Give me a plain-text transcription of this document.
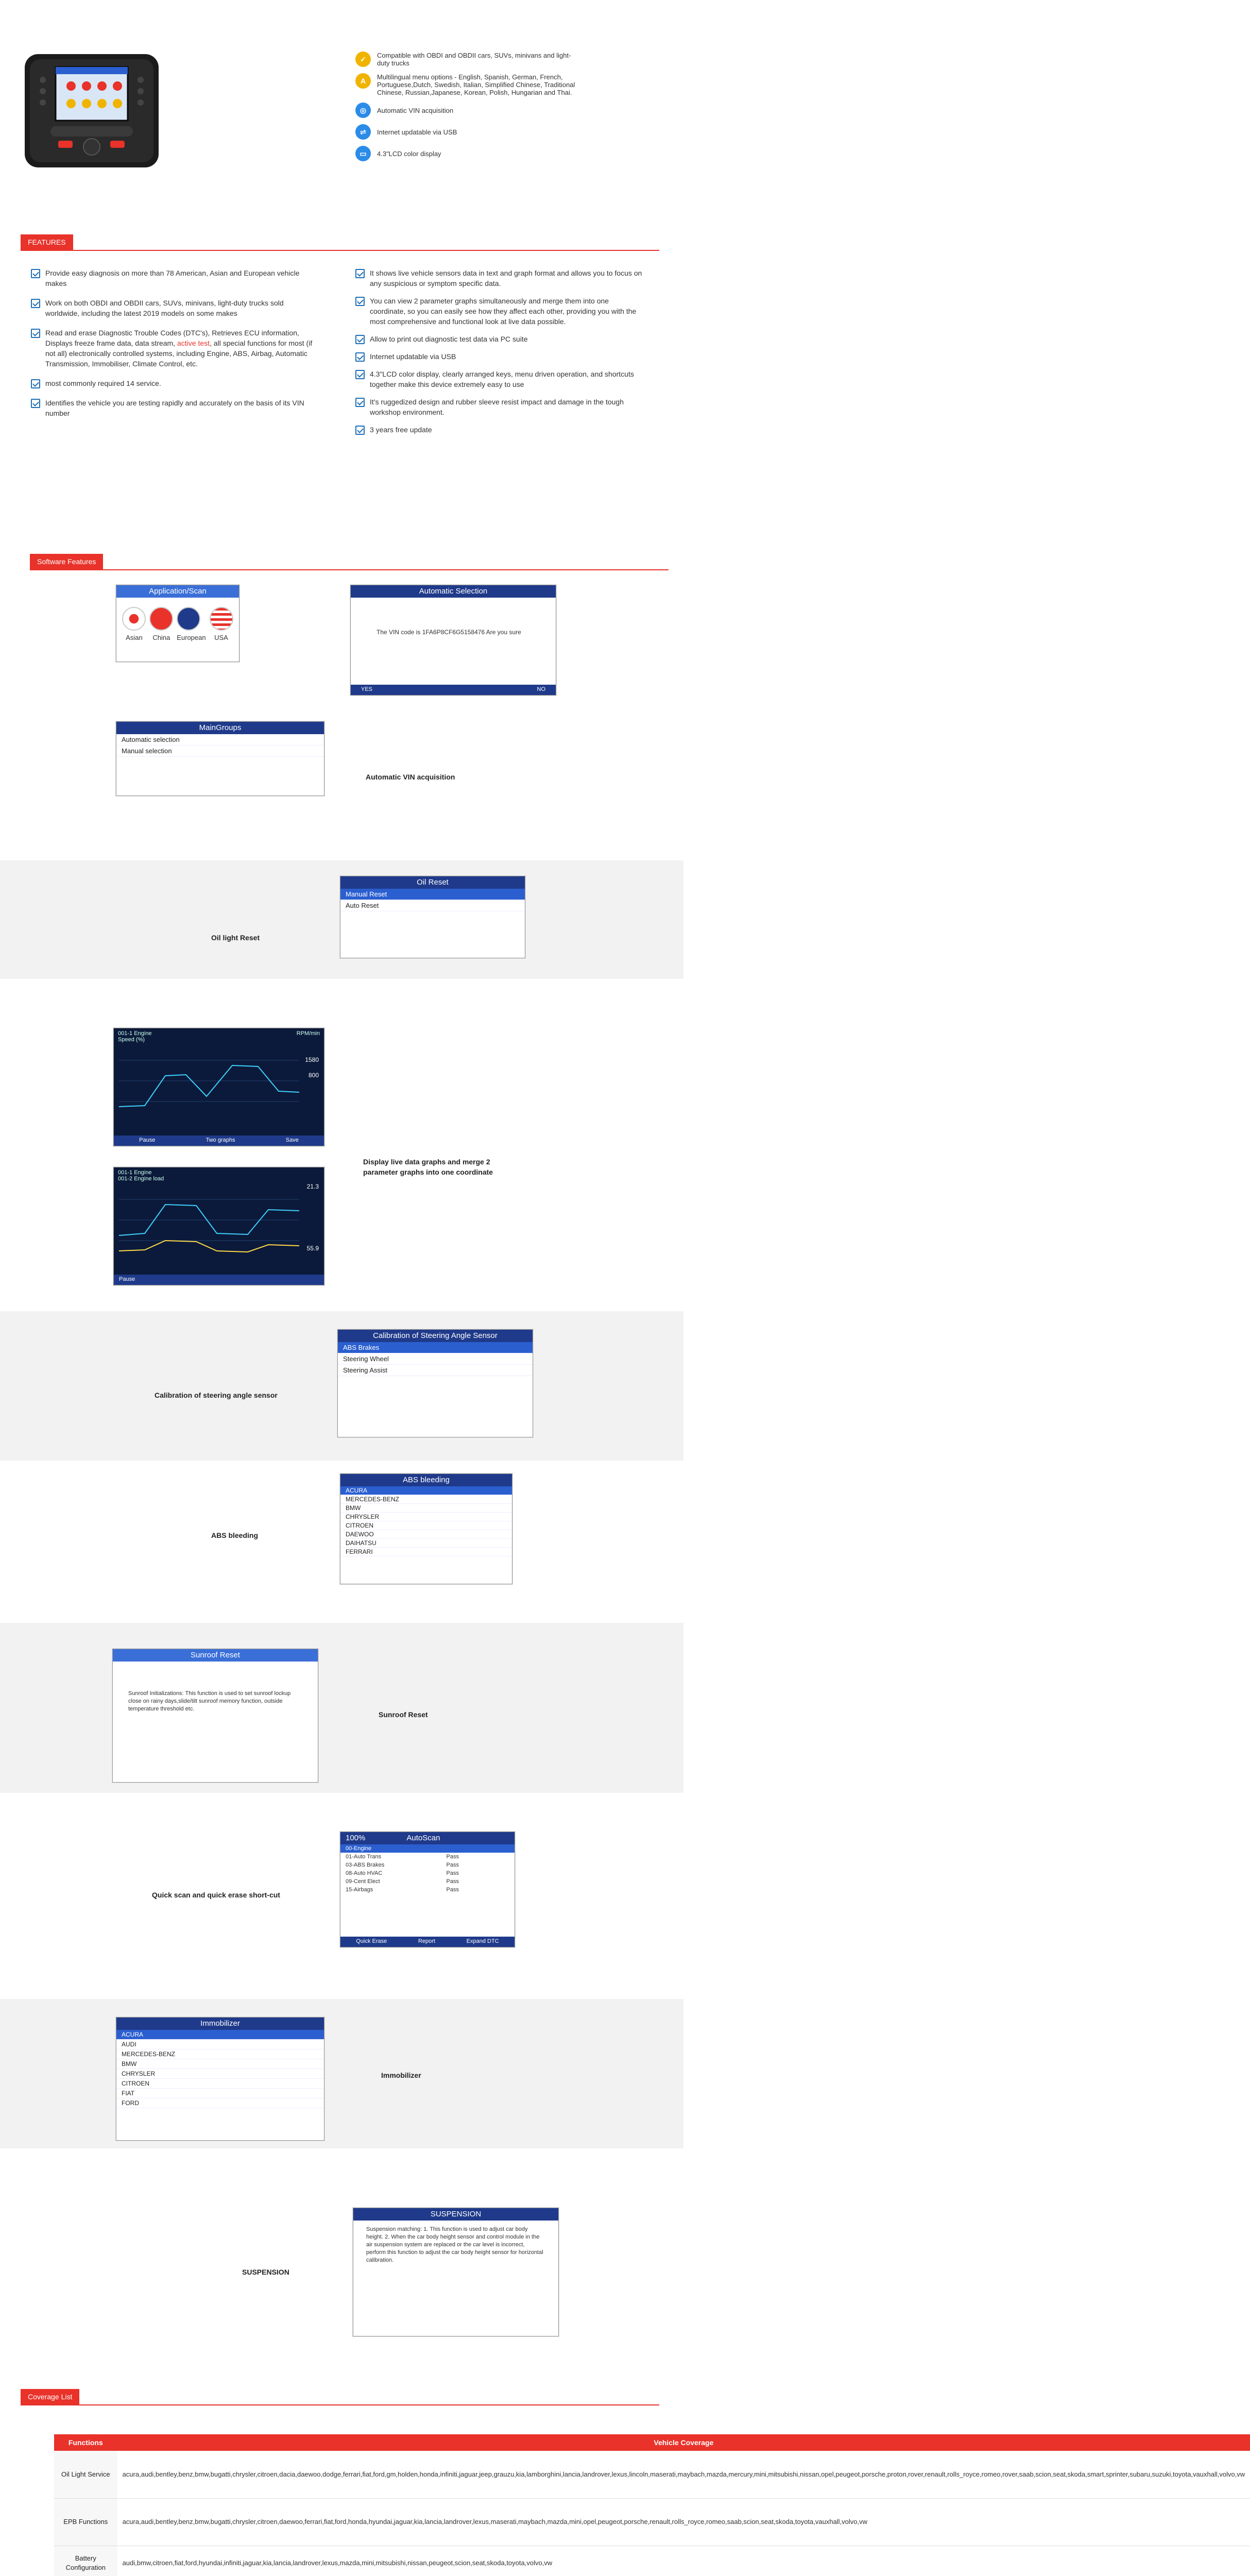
✓	Compatible with OBDI and OBDII cars, SUVs, minivans and light-duty trucks
A	Multilingual menu options - English, Spanish, German, French, Portuguese,Dutch, Swedish, Italian, Simplified Chinese, Traditional Chinese, Russian,Japanese, Korean, Polish, Hungarian and Thai.
◎	Automatic VIN acquisition
⇌	Internet updatable via USB
▭	4.3"LCD color display
FEATURES
Provide easy diagnosis on more than 78 American, Asian and European vehicle makes
Work on both OBDI and OBDII cars, SUVs, minivans, light-duty trucks sold worldwide, including the latest 2019 models on some makes
Read and erase Diagnostic Trouble Codes (DTC's), Retrieves ECU information, Displays freeze frame data, data stream, active test, all special functions for most (if not all) electronically controlled systems, including Engine, ABS, Airbag, Automatic Transmission, Immobiliser, Climate Control, etc.
most commonly required 14 service.
Identifies the vehicle you are testing rapidly and accurately on the basis of its VIN number
It shows live vehicle sensors data in text and graph format and allows you to focus on any suspicious or symptom specific data.
You can view 2 parameter graphs simultaneously and merge them into one coordinate, so you can easily see how they affect each other, providing you with the most comprehensive and functional look at live data possible.
Allow to print out diagnostic test data via PC suite
Internet updatable via USB
4.3"LCD color display, clearly arranged keys, menu driven operation, and shortcuts together make this device extremely easy to use
It's ruggedized design and rubber sleeve resist impact and damage in the tough workshop environment.
3 years free update
Software Features
Application/Scan
Asian	China European	USA
Automatic Selection
The VIN code is 1FA6P8CF6G5158476 Are you sure
YES	NO
MainGroups
Automatic selection
Manual selection
Automatic VIN acquisition
Oil Reset
Manual Reset
Auto Reset
Oil light Reset
001-1 Engine
Speed (%)
RPM/min
1580
800
Pause	Two graphs	Save
001-1 Engine
001-2 Engine load
21.3
55.9
Pause
Display live data graphs and merge 2 parameter graphs into one coordinate
Calibration of Steering Angle Sensor
ABS Brakes
Steering Wheel
Steering Assist
Calibration of steering angle sensor
ABS bleeding
ACURA
MERCEDES-BENZ
BMW
CHRYSLER
CITROEN
DAEWOO
DAIHATSU
FERRARI
ABS bleeding
Sunroof Reset
Sunroof Initializations: This function is used to set sunroof lockup close on rainy days,slide/tilt sunroof memory function, outside temperature threshold etc.
Sunroof Reset
100%	AutoScan
00-Engine
01-Auto Trans	Pass
03-ABS Brakes	Pass
08-Auto HVAC	Pass
09-Cent Elect	Pass
15-Airbags	Pass
Quick Erase	Report	Expand DTC
Quick scan and quick erase short-cut
Immobilizer
ACURA
AUDI
MERCEDES-BENZ
BMW
CHRYSLER
CITROEN
FIAT
FORD
Immobilizer
SUSPENSION
Suspension matching: 1. This function is used to adjust car body height. 2. When the car body height sensor and control module in the air suspension system are replaced or the car level is incorrect, perform this function to adjust the car body height sensor for horizontal calibration.
SUSPENSION
Coverage List
Functions	Vehicle Coverage
Oil Light Service	acura,audi,bentley,benz,bmw,bugatti,chrysler,citroen,dacia,daewoo,dodge,ferrari,fiat,ford,gm,holden,honda,infiniti,jaguar,jeep,grauzu,kia,lamborghini,lancia,landrover,lexus,lincoln,maserati,maybach,mazda,mercury,mini,mitsubishi,nissan,opel,peugeot,porsche,proton,rover,renault,rolls_royce,romeo,rover,saab,scion,seat,skoda,smart,sprinter,subaru,suzuki,toyota,vauxhall,volvo,vw
EPB Functions	acura,audi,bentley,benz,bmw,bugatti,chrysler,citroen,daewoo,ferrari,fiat,ford,honda,hyundai,jaguar,kia,lancia,landrover,lexus,maserati,maybach,mazda,mini,opel,peugeot,porsche,renault,rolls_royce,romeo,saab,scion,seat,skoda,toyota,vauxhall,volvo,vw
Battery Configuration	audi,bmw,citroen,fiat,ford,hyundai,infiniti,jaguar,kia,lancia,landrover,lexus,mazda,mini,mitsubishi,nissan,peugeot,scion,seat,skoda,toyota,volvo,vw
